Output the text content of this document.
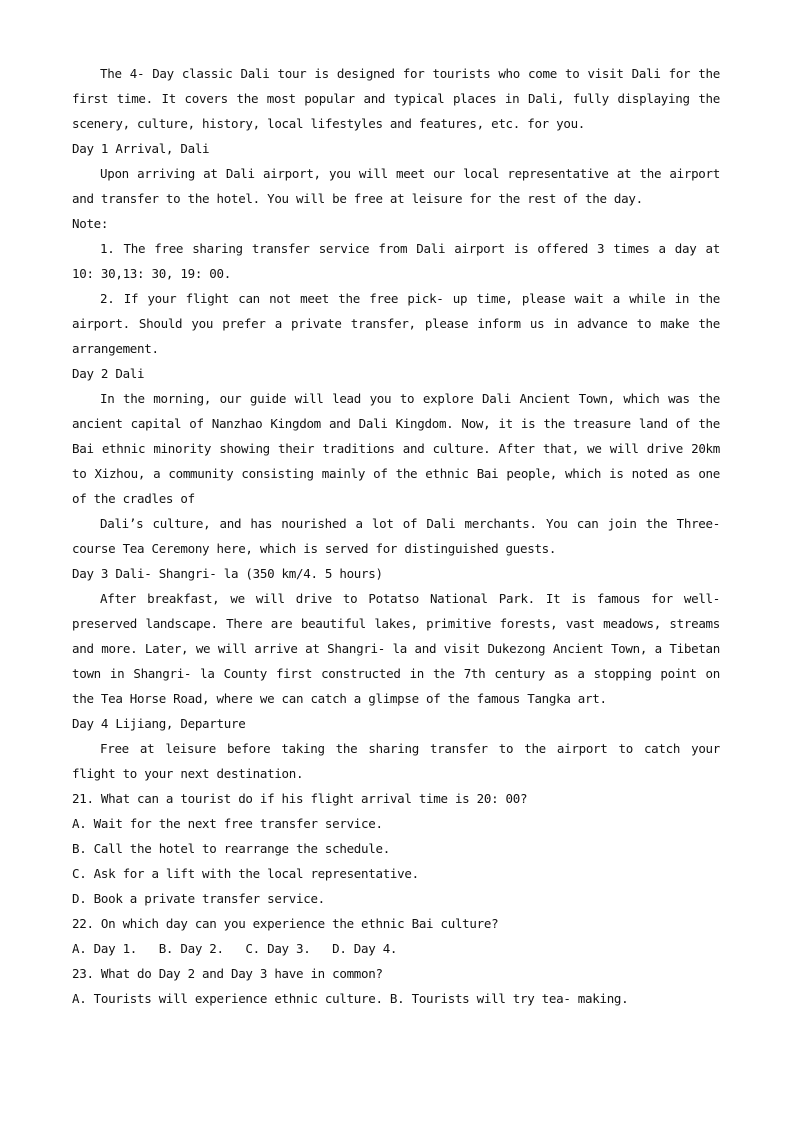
The 4- Day classic Dali tour is designed for tourists who come to visit Dali for the first time. It covers the most popular and typical places in Dali, fully displaying the scenery, culture, history, local lifestyles and features, etc. for you.

Day 1 Arrival, Dali

Upon arriving at Dali airport, you will meet our local representative at the airport and transfer to the hotel. You will be free at leisure for the rest of the day.

Note:

1. The free sharing transfer service from Dali airport is offered 3 times a day at 10: 30,13: 30, 19: 00.

2. If your flight can not meet the free pick- up time, please wait a while in the airport. Should you prefer a private transfer, please inform us in advance to make the arrangement.

Day 2 Dali

In the morning, our guide will lead you to explore Dali Ancient Town, which was the ancient capital of Nanzhao Kingdom and Dali Kingdom. Now, it is the treasure land of the Bai ethnic minority showing their traditions and culture. After that, we will drive 20km to Xizhou, a community consisting mainly of the ethnic Bai people, which is noted as one of the cradles of

Dali’s culture, and has nourished a lot of Dali merchants. You can join the Three- course Tea Ceremony here, which is served for distinguished guests.

Day 3 Dali- Shangri- la (350 km/4. 5 hours)

After breakfast, we will drive to Potatso National Park. It is famous for well- preserved landscape. There are beautiful lakes, primitive forests, vast meadows, streams and more. Later, we will arrive at Shangri- la and visit Dukezong Ancient Town, a Tibetan town in Shangri- la County first constructed in the 7th century as a stopping point on the Tea Horse Road, where we can catch a glimpse of the famous Tangka art.

Day 4 Lijiang, Departure

Free at leisure before taking the sharing transfer to the airport to catch your flight to your next destination.

21. What can a tourist do if his flight arrival time is 20: 00?

A. Wait for the next free transfer service.

B. Call the hotel to rearrange the schedule.

C. Ask for a lift with the local representative.

D. Book a private transfer service.

22. On which day can you experience the ethnic Bai culture?

A. Day 1.   B. Day 2.   C. Day 3.   D. Day 4.

23. What do Day 2 and Day 3 have in common?

A. Tourists will experience ethnic culture. B. Tourists will try tea- making.
